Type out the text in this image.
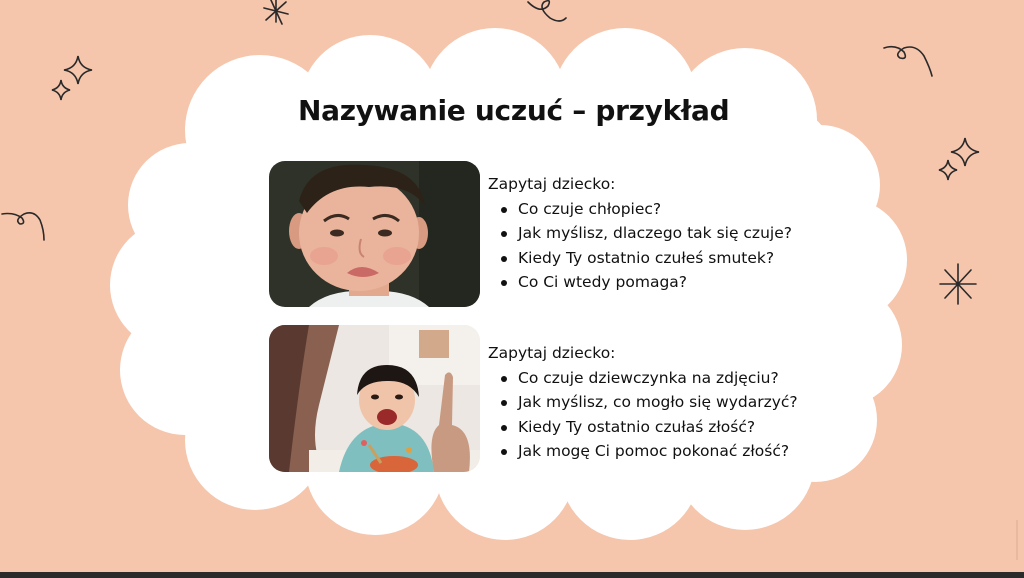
Nazywanie uczuć – przykład

Zapytaj dziecko:

Co czuje chłopiec?
Jak myślisz, dlaczego tak się czuje?
Kiedy Ty ostatnio czułeś smutek?
Co Ci wtedy pomaga?

Zapytaj dziecko:

Co czuje dziewczynka na zdjęciu?
Jak myślisz, co mogło się wydarzyć?
Kiedy Ty ostatnio czułaś złość?
Jak mogę Ci pomoc pokonać złość?
